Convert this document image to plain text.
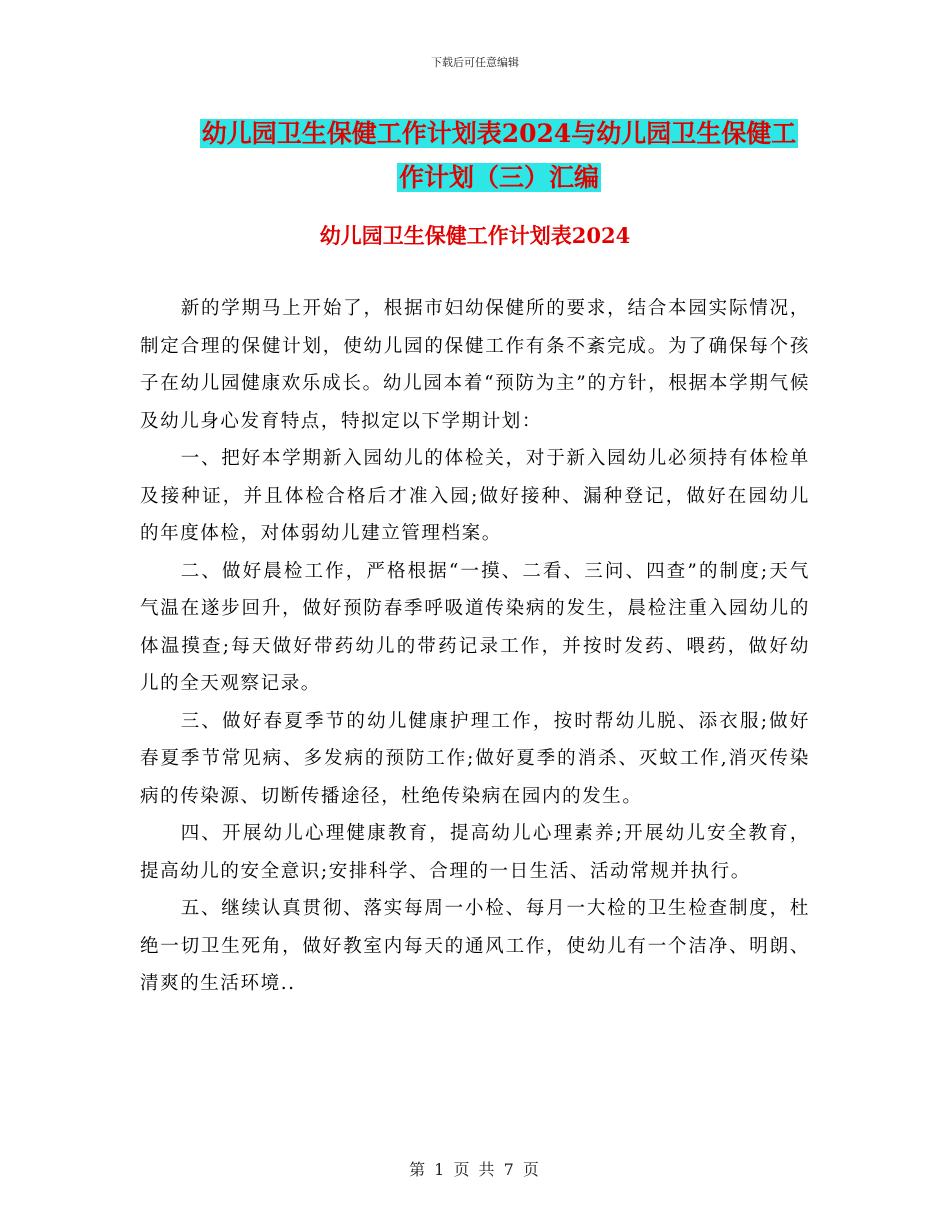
下载后可任意编辑
幼儿园卫生保健工作计划表2024与幼儿园卫生保健工
作计划（三）汇编
幼儿园卫生保健工作计划表2024

新的学期马上开始了，根据市妇幼保健所的要求，结合本园实际情况，制定合理的保健计划，使幼儿园的保健工作有条不紊完成。为了确保每个孩子在幼儿园健康欢乐成长。幼儿园本着“预防为主”的方针，根据本学期气候及幼儿身心发育特点，特拟定以下学期计划：

一、把好本学期新入园幼儿的体检关，对于新入园幼儿必须持有体检单及接种证，并且体检合格后才准入园;做好接种、漏种登记，做好在园幼儿的年度体检，对体弱幼儿建立管理档案。

二、做好晨检工作，严格根据“一摸、二看、三问、四查”的制度;天气气温在遂步回升，做好预防春季呼吸道传染病的发生，晨检注重入园幼儿的体温摸查;每天做好带药幼儿的带药记录工作，并按时发药、喂药，做好幼儿的全天观察记录。

三、做好春夏季节的幼儿健康护理工作，按时帮幼儿脱、添衣服;做好春夏季节常见病、多发病的预防工作;做好夏季的消杀、灭蚊工作,消灭传染病的传染源、切断传播途径，杜绝传染病在园内的发生。

四、开展幼儿心理健康教育，提高幼儿心理素养;开展幼儿安全教育，提高幼儿的安全意识;安排科学、合理的一日生活、活动常规并执行。

五、继续认真贯彻、落实每周一小检、每月一大检的卫生检查制度，杜绝一切卫生死角，做好教室内每天的通风工作，使幼儿有一个洁净、明朗、清爽的生活环境..

第 1 页 共 7 页
